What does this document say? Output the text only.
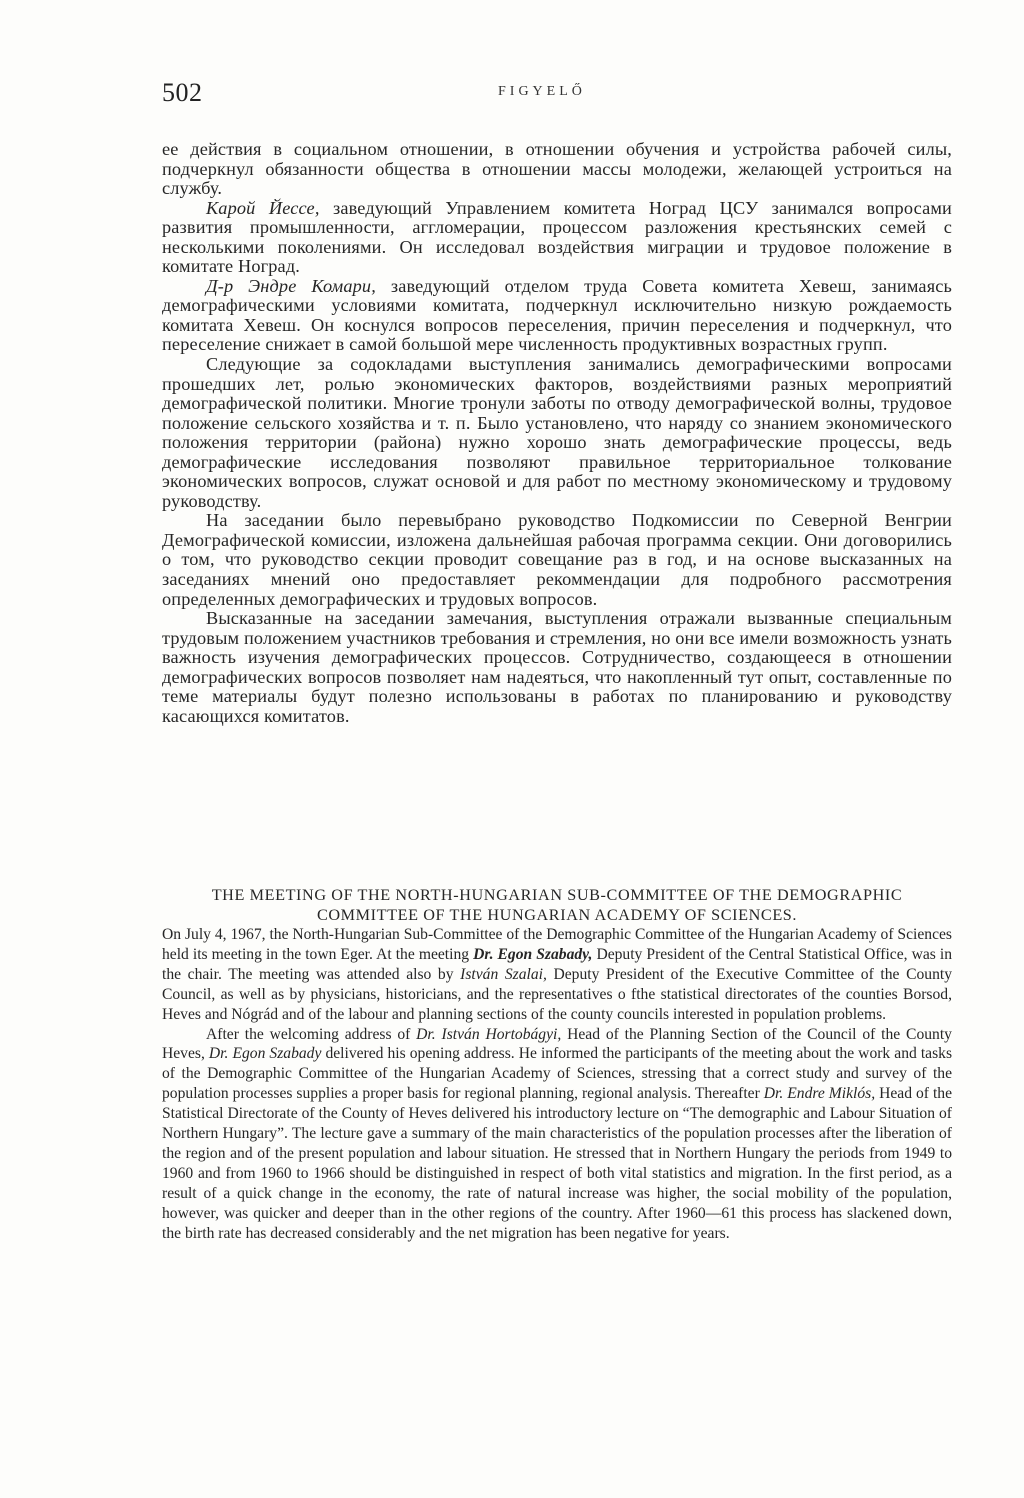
502	FIGYELŐ

ее действия в социальном отношении, в отношении обучения и устройства рабочей силы, подчеркнул обязанности общества в отношении массы молодежи, желающей устроиться на службу.

Карой Йессе, заведующий Управлением комитета Ноград ЦСУ занимался вопросами развития промышленности, аггломерации, процессом разложения крестьянских семей с несколькими поколениями. Он исследовал воздействия миграции и трудовое положение в комитате Ноград.

Д-р Эндре Комари, заведующий отделом труда Совета комитета Хевеш, занимаясь демографическими условиями комитата, подчеркнул исключительно низкую рождаемость комитата Хевеш. Он коснулся вопросов переселения, причин переселения и подчеркнул, что переселение снижает в самой большой мере численность продуктивных возрастных групп.

Следующие за содокладами выступления занимались демографическими вопросами прошедших лет, ролью экономических факторов, воздействиями разных мероприятий демографической политики. Многие тронули заботы по отводу демографической волны, трудовое положение сельского хозяйства и т. п. Было установлено, что наряду со знанием экономического положения территории (района) нужно хорошо знать демографические процессы, ведь демографические исследования позволяют правильное территориальное толкование экономических вопросов, служат основой и для работ по местному экономическому и трудовому руководству.

На заседании было перевыбрано руководство Подкомиссии по Северной Венгрии Демографической комиссии, изложена дальнейшая рабочая программа секции. Они договорились о том, что руководство секции проводит совещание раз в год, и на основе высказанных на заседаниях мнений оно предоставляет рекоммендации для подробного рассмотрения определенных демографических и трудовых вопросов.

Высказанные на заседании замечания, выступления отражали вызванные специальным трудовым положением участников требования и стремления, но они все имели возможность узнать важность изучения демографических процессов. Сотрудничество, создающееся в отношении демографических вопросов позволяет нам надеяться, что накопленный тут опыт, составленные по теме материалы будут полезно использованы в работах по планированию и руководству касающихся комитатов.

THE MEETING OF THE NORTH-HUNGARIAN SUB-COMMITTEE OF THE DEMOGRAPHIC COMMITTEE OF THE HUNGARIAN ACADEMY OF SCIENCES.

On July 4, 1967, the North-Hungarian Sub-Committee of the Demographic Committee of the Hungarian Academy of Sciences held its meeting in the town Eger. At the meeting Dr. Egon Szabady, Deputy President of the Central Statistical Office, was in the chair. The meeting was attended also by István Szalai, Deputy President of the Executive Committee of the County Council, as well as by physicians, historicians, and the representatives o fthe statistical directorates of the counties Borsod, Heves and Nógrád and of the labour and planning sections of the county councils interested in population problems.

After the welcoming address of Dr. István Hortobágyi, Head of the Planning Section of the Council of the County Heves, Dr. Egon Szabady delivered his opening address. He informed the participants of the meeting about the work and tasks of the Demographic Committee of the Hungarian Academy of Sciences, stressing that a correct study and survey of the population processes supplies a proper basis for regional planning, regional analysis. Thereafter Dr. Endre Miklós, Head of the Statistical Directorate of the County of Heves delivered his introductory lecture on “The demographic and Labour Situation of Northern Hungary”. The lecture gave a summary of the main characteristics of the population processes after the liberation of the region and of the present population and labour situation. He stressed that in Northern Hungary the periods from 1949 to 1960 and from 1960 to 1966 should be distinguished in respect of both vital statistics and migration. In the first period, as a result of a quick change in the economy, the rate of natural increase was higher, the social mobility of the population, however, was quicker and deeper than in the other regions of the country. After 1960—61 this process has slackened down, the birth rate has decreased considerably and the net migration has been negative for years.
